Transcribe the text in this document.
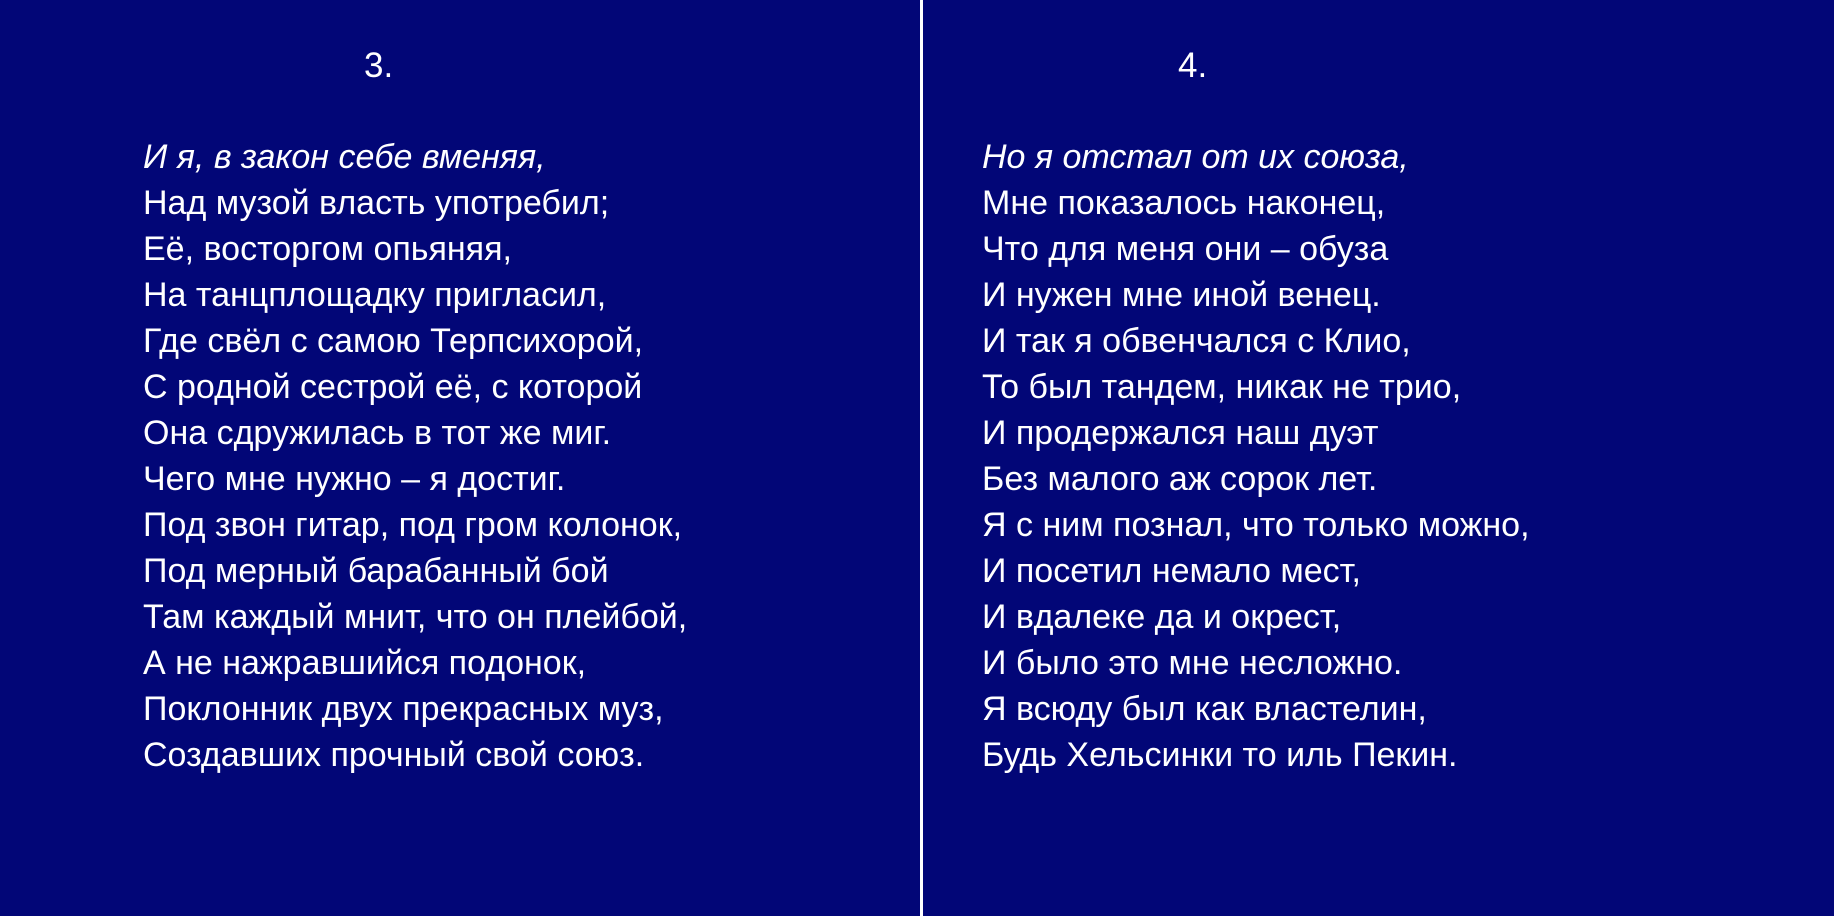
3.
И я, в закон себе вменяя,
Над музой власть употребил;
Её, восторгом опьяняя,
На танцплощадку пригласил,
Где свёл с самою Терпсихорой,
С родной сестрой её, с которой
Она сдружилась в тот же миг.
Чего мне нужно – я достиг.
Под звон гитар, под гром колонок,
Под мерный барабанный бой
Там каждый мнит, что он плейбой,
А не нажравшийся подонок,
Поклонник двух прекрасных муз,
Создавших прочный свой союз.
4.
Но я отстал от их союза,
Мне показалось наконец,
Что для меня они – обуза
И нужен мне иной венец.
И так я обвенчался с Клио,
То был тандем, никак не трио,
И продержался наш дуэт
Без малого аж сорок лет.
Я с ним познал, что только можно,
И посетил немало мест,
И вдалеке да и окрест,
И было это мне несложно.
Я всюду был как властелин,
Будь Хельсинки то иль Пекин.
